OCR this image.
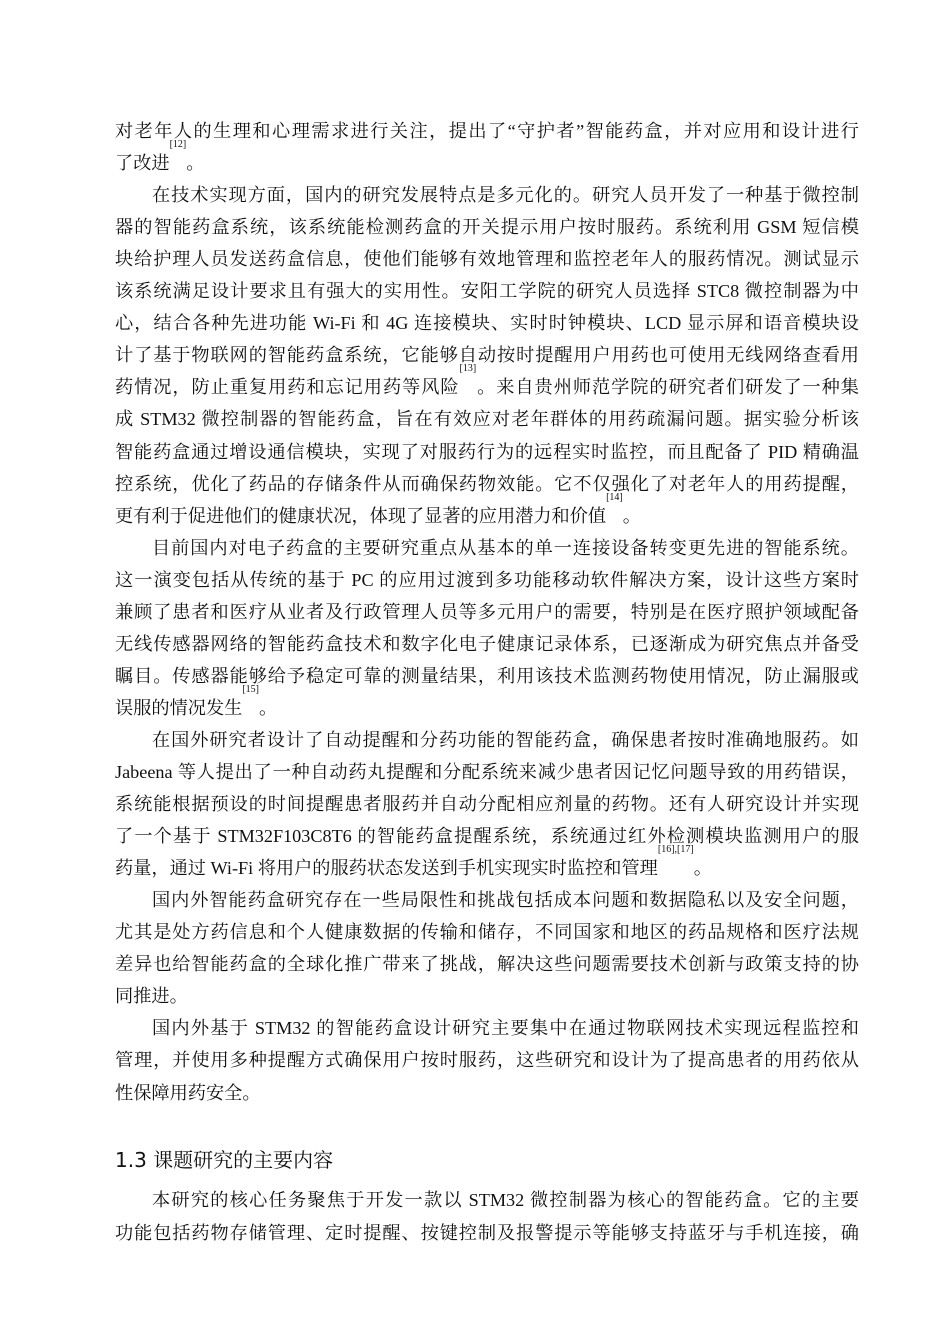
对老年人的生理和心理需求进行关注，提出了“守护者”智能药盒，并对应用和设计进行
了改进[12]。
在技术实现方面，国内的研究发展特点是多元化的。研究人员开发了一种基于微控制
器的智能药盒系统，该系统能检测药盒的开关提示用户按时服药。系统利用 GSM 短信模
块给护理人员发送药盒信息，使他们能够有效地管理和监控老年人的服药情况。测试显示
该系统满足设计要求且有强大的实用性。安阳工学院的研究人员选择 STC8 微控制器为中
心，结合各种先进功能 Wi-Fi 和 4G 连接模块、实时时钟模块、LCD 显示屏和语音模块设
计了基于物联网的智能药盒系统，它能够自动按时提醒用户用药也可使用无线网络查看用
药情况，防止重复用药和忘记用药等风险[13]。来自贵州师范学院的研究者们研发了一种集
成 STM32 微控制器的智能药盒，旨在有效应对老年群体的用药疏漏问题。据实验分析该
智能药盒通过增设通信模块，实现了对服药行为的远程实时监控，而且配备了 PID 精确温
控系统，优化了药品的存储条件从而确保药物效能。它不仅强化了对老年人的用药提醒，
更有利于促进他们的健康状况，体现了显著的应用潜力和价值[14]。
目前国内对电子药盒的主要研究重点从基本的单一连接设备转变更先进的智能系统。
这一演变包括从传统的基于 PC 的应用过渡到多功能移动软件解决方案，设计这些方案时
兼顾了患者和医疗从业者及行政管理人员等多元用户的需要，特别是在医疗照护领域配备
无线传感器网络的智能药盒技术和数字化电子健康记录体系，已逐渐成为研究焦点并备受
瞩目。传感器能够给予稳定可靠的测量结果，利用该技术监测药物使用情况，防止漏服或
误服的情况发生[15]。
在国外研究者设计了自动提醒和分药功能的智能药盒，确保患者按时准确地服药。如
Jabeena 等人提出了一种自动药丸提醒和分配系统来减少患者因记忆问题导致的用药错误，
系统能根据预设的时间提醒患者服药并自动分配相应剂量的药物。还有人研究设计并实现
了一个基于 STM32F103C8T6 的智能药盒提醒系统，系统通过红外检测模块监测用户的服
药量，通过 Wi-Fi 将用户的服药状态发送到手机实现实时监控和管理[16],[17]。
国内外智能药盒研究存在一些局限性和挑战包括成本问题和数据隐私以及安全问题，
尤其是处方药信息和个人健康数据的传输和储存，不同国家和地区的药品规格和医疗法规
差异也给智能药盒的全球化推广带来了挑战，解决这些问题需要技术创新与政策支持的协
同推进。
国内外基于 STM32 的智能药盒设计研究主要集中在通过物联网技术实现远程监控和
管理，并使用多种提醒方式确保用户按时服药，这些研究和设计为了提高患者的用药依从
性保障用药安全。
1.3 课题研究的主要内容
本研究的核心任务聚焦于开发一款以 STM32 微控制器为核心的智能药盒。它的主要
功能包括药物存储管理、定时提醒、按键控制及报警提示等能够支持蓝牙与手机连接，确
